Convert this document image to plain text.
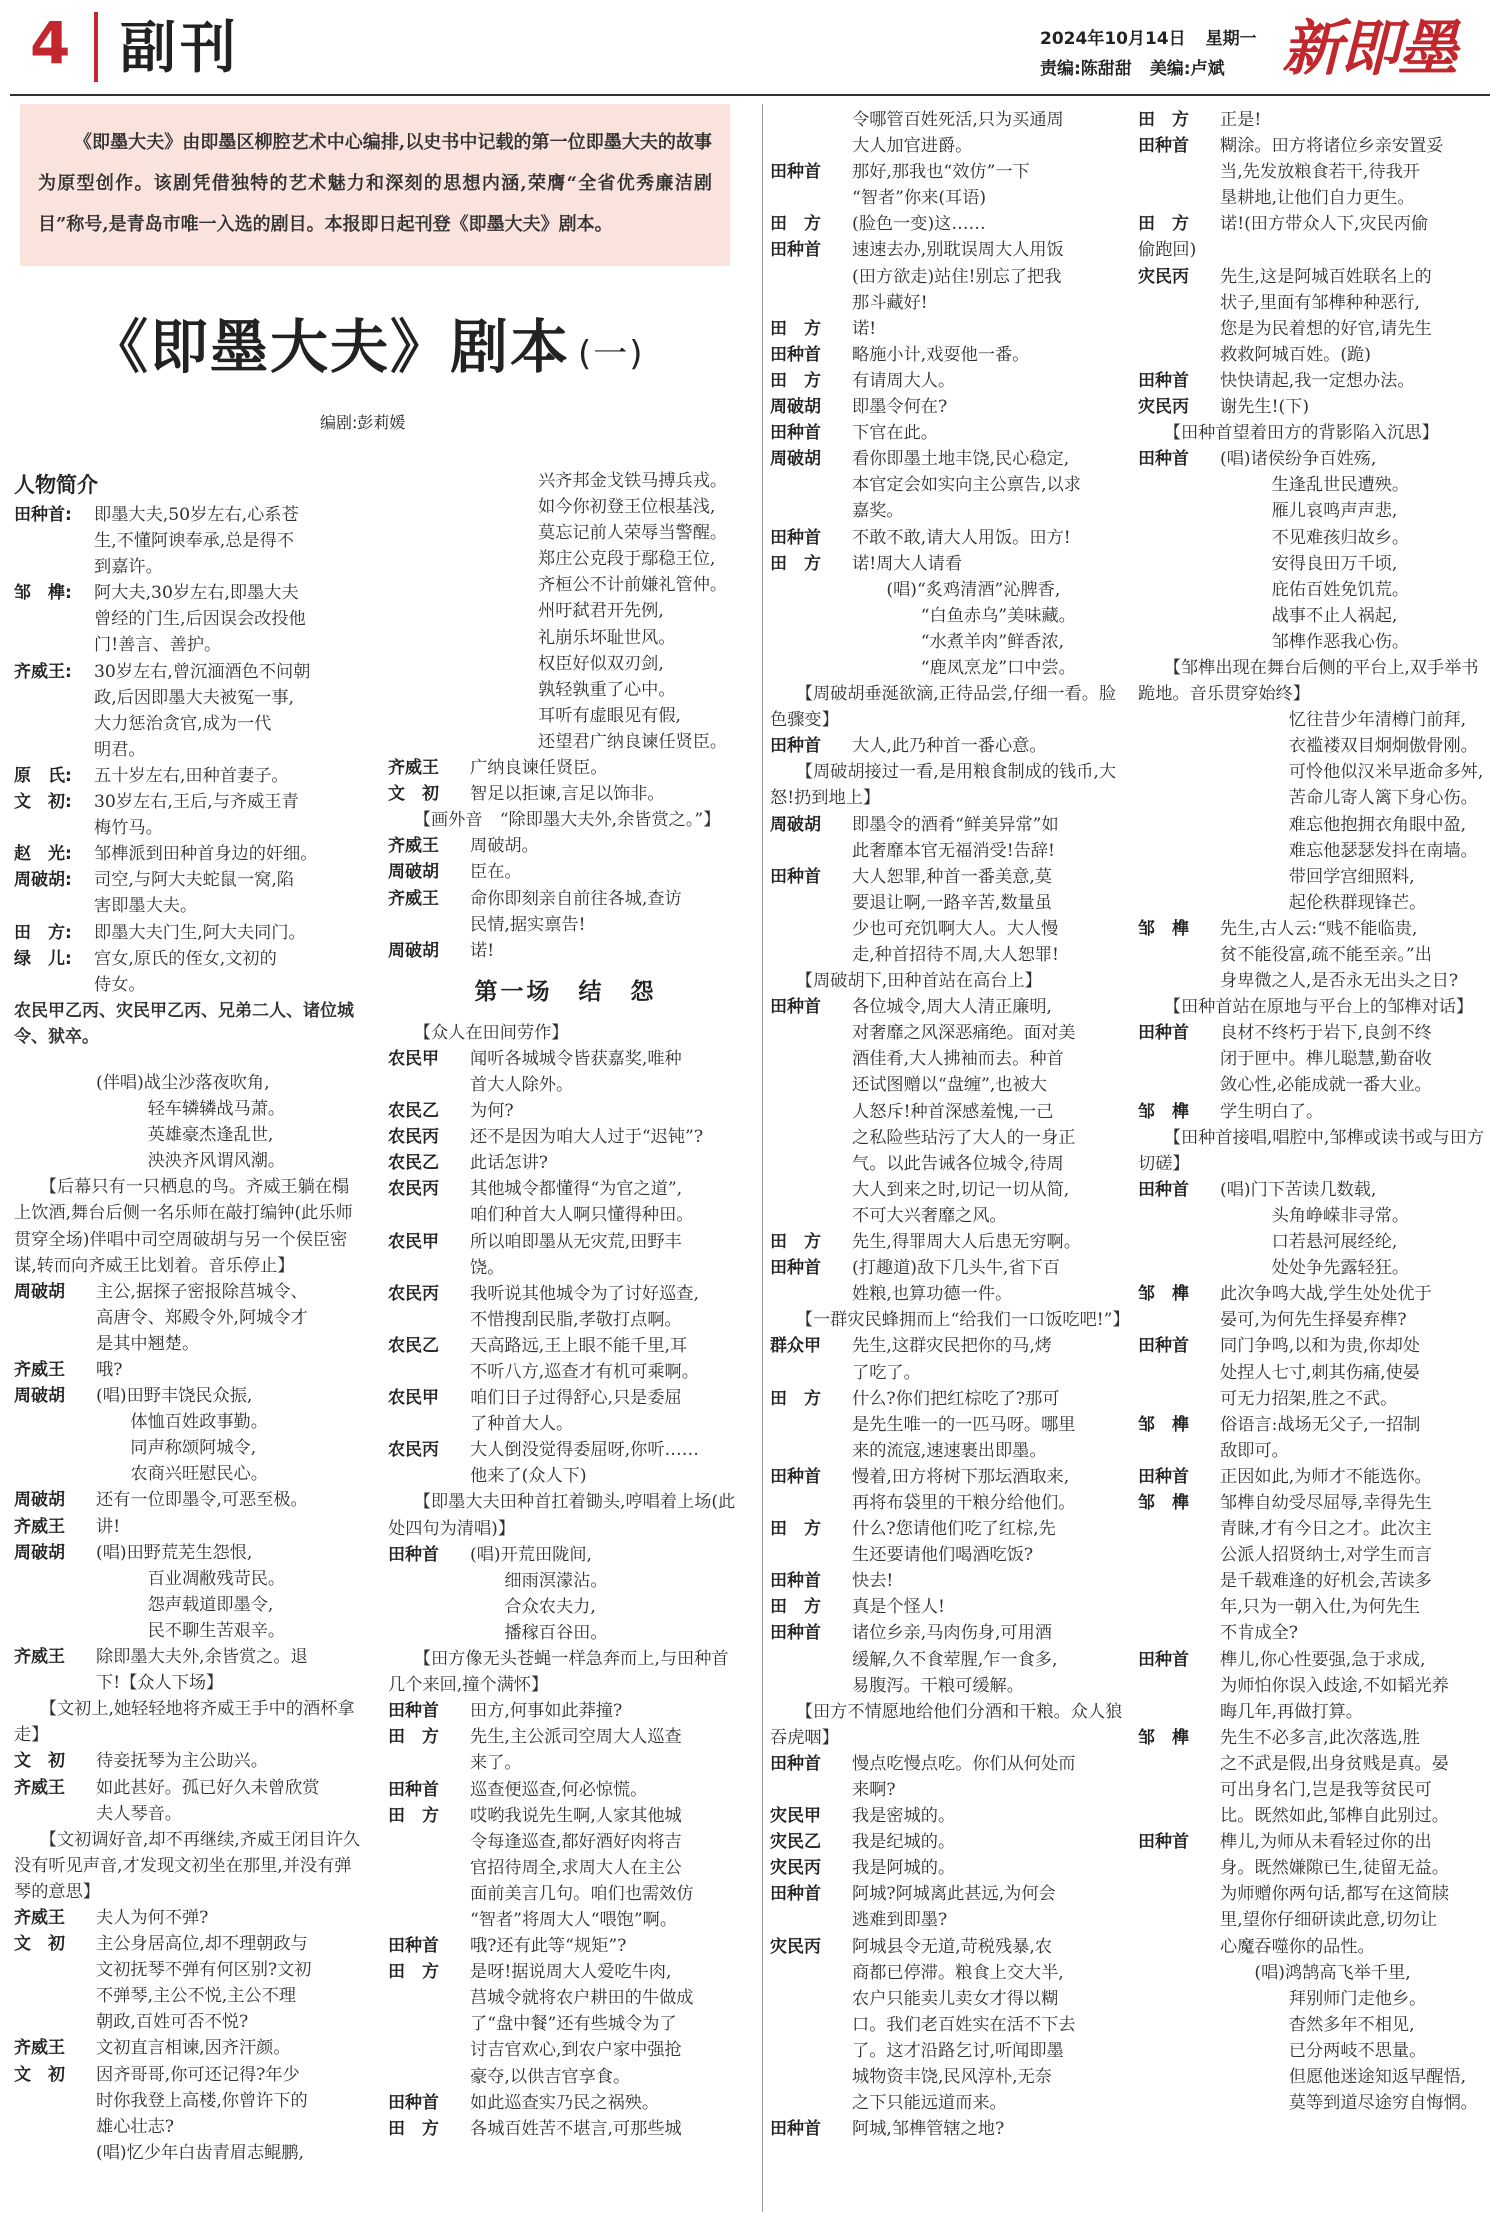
4 副刊	2024年10月14日 星期一
责编:陈甜甜 美编:卢斌 新即墨

《即墨大夫》由即墨区柳腔艺术中心编排,以史书中记载的第一位即墨大夫的故事为原型创作。该剧凭借独特的艺术魅力和深刻的思想内涵,荣膺“全省优秀廉洁剧目”称号,是青岛市唯一入选的剧目。本报即日起刊登《即墨大夫》剧本。

《即墨大夫》剧本 (一)
编剧:彭莉媛
人物简介
田种首:	即墨大夫,50岁左右,心系苍
生,不懂阿谀奉承,总是得不
到嘉许。
邹　榫:	阿大夫,30岁左右,即墨大夫
曾经的门生,后因误会改投他
门!善言、善护。
齐威王:	30岁左右,曾沉湎酒色不问朝
政,后因即墨大夫被冤一事,
大力惩治贪官,成为一代
明君。
原　氏:	五十岁左右,田种首妻子。
文　初:	30岁左右,王后,与齐威王青
梅竹马。
赵　光:	邹榫派到田种首身边的奸细。
周破胡:	司空,与阿大夫蛇鼠一窝,陷
害即墨大夫。
田　方:	即墨大夫门生,阿大夫同门。
绿　儿:	宫女,原氏的侄女,文初的
侍女。

农民甲乙丙、灾民甲乙丙、兄弟二人、诸位城令、狱卒。

(伴唱)战尘沙落夜吹角,
　　　轻车辚辚战马萧。
　　　英雄豪杰逢乱世,
　　　泱泱齐风谓风潮。

　　【后幕只有一只栖息的鸟。齐威王躺在榻上饮酒,舞台后侧一名乐师在敲打编钟(此乐师贯穿全场)伴唱中司空周破胡与另一个侯臣密谋,转而向齐威王比划着。音乐停止】

周破胡	主公,据探子密报除莒城令、
高唐令、郑殿令外,阿城令才
是其中翘楚。
齐威王	哦?
周破胡	(唱)田野丰饶民众振,
　　体恤百姓政事勤。
　　同声称颂阿城令,
　　农商兴旺慰民心。
周破胡	还有一位即墨令,可恶至极。
齐威王	讲!
周破胡	(唱)田野荒芜生怨恨,
　　　百业凋敝残苛民。
　　　怨声载道即墨令,
　　　民不聊生苦艰辛。
齐威王	除即墨大夫外,余皆赏之。退
下!【众人下场】

　　【文初上,她轻轻地将齐威王手中的酒杯拿走】

文　初	待妾抚琴为主公助兴。
齐威王	如此甚好。孤已好久未曾欣赏
夫人琴音。

　　【文初调好音,却不再继续,齐威王闭目许久没有听见声音,才发现文初坐在那里,并没有弹琴的意思】

齐威王	夫人为何不弹?
文　初	主公身居高位,却不理朝政与
文初抚琴不弹有何区别?文初
不弹琴,主公不悦,主公不理
朝政,百姓可否不悦?
齐威王	文初直言相谏,因齐汗颜。
文　初	因齐哥哥,你可还记得?年少
时你我登上高楼,你曾许下的
雄心壮志?
(唱)忆少年白齿青眉志鲲鹏,
兴齐邦金戈铁马搏兵戎。
如今你初登王位根基浅,
莫忘记前人荣辱当警醒。
郑庄公克段于鄢稳王位,
齐桓公不计前嫌礼管仲。
州吁弑君开先例,
礼崩乐坏耻世风。
权臣好似双刃剑,
孰轻孰重了心中。
耳听有虚眼见有假,
还望君广纳良谏任贤臣。
齐威王	广纳良谏任贤臣。
文　初	智足以拒谏,言足以饰非。

　　【画外音　“除即墨大夫外,余皆赏之。”】

齐威王	周破胡。
周破胡	臣在。
齐威王	命你即刻亲自前往各城,查访
民情,据实禀告!
周破胡	诺!
第一场　结　怨

　　【众人在田间劳作】

农民甲	闻听各城城令皆获嘉奖,唯种
首大人除外。
农民乙	为何?
农民丙	还不是因为咱大人过于“迟钝”?
农民乙	此话怎讲?
农民丙	其他城令都懂得“为官之道”,
咱们种首大人啊只懂得种田。
农民甲	所以咱即墨从无灾荒,田野丰
饶。
农民丙	我听说其他城令为了讨好巡查,
不惜搜刮民脂,孝敬打点啊。
农民乙	天高路远,王上眼不能千里,耳
不听八方,巡查才有机可乘啊。
农民甲	咱们日子过得舒心,只是委屈
了种首大人。
农民丙	大人倒没觉得委屈呀,你听……
他来了(众人下)

　　【即墨大夫田种首扛着锄头,哼唱着上场(此处四句为清唱)】

田种首	(唱)开荒田陇间,
　　细雨溟濛沾。
　　合众农夫力,
　　播稼百谷田。

　　【田方像无头苍蝇一样急奔而上,与田种首几个来回,撞个满怀】

田种首	田方,何事如此莽撞?
田　方	先生,主公派司空周大人巡查
来了。
田种首	巡查便巡查,何必惊慌。
田　方	哎哟我说先生啊,人家其他城
令每逢巡查,都好酒好肉将吉
官招待周全,求周大人在主公
面前美言几句。咱们也需效仿
“智者”将周大人“喂饱”啊。
田种首	哦?还有此等“规矩”?
田　方	是呀!据说周大人爱吃牛肉,
莒城令就将农户耕田的牛做成
了“盘中餐”还有些城令为了
讨吉官欢心,到农户家中强抢
豪夺,以供吉官享食。
田种首	如此巡查实乃民之祸殃。
田　方	各城百姓苦不堪言,可那些城
令哪管百姓死活,只为买通周
大人加官进爵。
田种首	那好,那我也“效仿”一下
“智者”你来(耳语)
田　方	(脸色一变)这……
田种首	速速去办,别耽误周大人用饭
(田方欲走)站住!别忘了把我
那斗藏好!
田　方	诺!
田种首	略施小计,戏耍他一番。
田　方	有请周大人。
周破胡	即墨令何在?
田种首	下官在此。
周破胡	看你即墨土地丰饶,民心稳定,
本官定会如实向主公禀告,以求
嘉奖。
田种首	不敢不敢,请大人用饭。田方!
田　方	诺!周大人请看
　　(唱)“炙鸡清酒”沁脾香,
　　　　“白鱼赤乌”美味藏。
　　　　“水煮羊肉”鲜香浓,
　　　　“鹿凤烹龙”口中尝。

　　【周破胡垂涎欲滴,正待品尝,仔细一看。脸色骤变】

田种首	大人,此乃种首一番心意。

　　【周破胡接过一看,是用粮食制成的钱币,大怒!扔到地上】

周破胡	即墨令的酒肴“鲜美异常”如
此奢靡本官无福消受!告辞!
田种首	大人恕罪,种首一番美意,莫
要退让啊,一路辛苦,数量虽
少也可充饥啊大人。大人慢
走,种首招待不周,大人恕罪!

　　【周破胡下,田种首站在高台上】

田种首	各位城令,周大人清正廉明,
对奢靡之风深恶痛绝。面对美
酒佳肴,大人拂袖而去。种首
还试图赠以“盘缠”,也被大
人怒斥!种首深感羞愧,一己
之私险些玷污了大人的一身正
气。以此告诫各位城令,待周
大人到来之时,切记一切从简,
不可大兴奢靡之风。
田　方	先生,得罪周大人后患无穷啊。
田种首	(打趣道)敌下几头牛,省下百
姓粮,也算功德一件。

　　【一群灾民蜂拥而上“给我们一口饭吃吧!”】

群众甲	先生,这群灾民把你的马,烤
了吃了。
田　方	什么?你们把红棕吃了?那可
是先生唯一的一匹马呀。哪里
来的流寇,速速裹出即墨。
田种首	慢着,田方将树下那坛酒取来,
再将布袋里的干粮分给他们。
田　方	什么?您请他们吃了红棕,先
生还要请他们喝酒吃饭?
田种首	快去!
田　方	真是个怪人!
田种首	诸位乡亲,马肉伤身,可用酒
缓解,久不食荤腥,乍一食多,
易腹泻。干粮可缓解。

　　【田方不情愿地给他们分酒和干粮。众人狼吞虎咽】

田种首	慢点吃慢点吃。你们从何处而
来啊?
灾民甲	我是密城的。
灾民乙	我是纪城的。
灾民丙	我是阿城的。
田种首	阿城?阿城离此甚远,为何会
逃难到即墨?
灾民丙	阿城县令无道,苛税残暴,农
商都已停滞。粮食上交大半,
农户只能卖儿卖女才得以糊
口。我们老百姓实在活不下去
了。这才沿路乞讨,听闻即墨
城物资丰饶,民风淳朴,无奈
之下只能远道而来。
田种首	阿城,邹榫管辖之地?
田　方	正是!
田种首	糊涂。田方将诸位乡亲安置妥
当,先发放粮食若干,待我开
垦耕地,让他们自力更生。
田　方	诺!(田方带众人下,灾民丙偷
偷跑回)
灾民丙	先生,这是阿城百姓联名上的
状子,里面有邹榫种种恶行,
您是为民着想的好官,请先生
救救阿城百姓。(跪)
田种首	快快请起,我一定想办法。
灾民丙	谢先生!(下)

　　【田种首望着田方的背影陷入沉思】

田种首	(唱)诸侯纷争百姓殇,
　　　生逢乱世民遭殃。
　　　雁儿哀鸣声声悲,
　　　不见难孩归故乡。
　　　安得良田万千顷,
　　　庇佑百姓免饥荒。
　　　战事不止人祸起,
　　　邹榫作恶我心伤。

　　【邹榫出现在舞台后侧的平台上,双手举书跪地。音乐贯穿始终】

　　　　忆往昔少年清樽门前拜,
　　　　衣褴褛双目炯炯傲骨刚。
　　　　可怜他似汉米早逝命多舛,
　　　　苦命儿寄人篱下身心伤。
　　　　难忘他抱拥衣角眼中盈,
　　　　难忘他瑟瑟发抖在南墙。
　　　　带回学宫细照料,
　　　　起伦秩群现锋芒。
邹　榫	先生,古人云:“贱不能临贵,
贫不能役富,疏不能至亲。”出
身卑微之人,是否永无出头之日?

　　【田种首站在原地与平台上的邹榫对话】

田种首	良材不终朽于岩下,良剑不终
闭于匣中。榫儿聪慧,勤奋收
敛心性,必能成就一番大业。
邹　榫	学生明白了。

　　【田种首接唱,唱腔中,邹榫或读书或与田方切磋】

田种首	(唱)门下苦读几数载,
　　　头角峥嵘非寻常。
　　　口若悬河展经纶,
　　　处处争先露轻狂。
邹　榫	此次争鸣大战,学生处处优于
晏可,为何先生择晏弃榫?
田种首	同门争鸣,以和为贵,你却处
处捏人七寸,刺其伤痛,使晏
可无力招架,胜之不武。
邹　榫	俗语言:战场无父子,一招制
敌即可。
田种首	正因如此,为师才不能选你。
邹　榫	邹榫自幼受尽屈辱,幸得先生
青睐,才有今日之才。此次主
公派人招贤纳士,对学生而言
是千载难逢的好机会,苦读多
年,只为一朝入仕,为何先生
不肯成全?
田种首	榫儿,你心性要强,急于求成,
为师怕你误入歧途,不如韬光养
晦几年,再做打算。
邹　榫	先生不必多言,此次落选,胜
之不武是假,出身贫贱是真。晏
可出身名门,岂是我等贫民可
比。既然如此,邹榫自此别过。
田种首	榫儿,为师从未看轻过你的出
身。既然嫌隙已生,徒留无益。
为师赠你两句话,都写在这简牍
里,望你仔细研读此意,切勿让
心魔吞噬你的品性。
　　(唱)鸿鹄高飞举千里,
　　　　拜别师门走他乡。
　　　　杳然多年不相见,
　　　　已分两岐不思量。
　　　　但愿他迷途知返早醒悟,
　　　　莫等到道尽途穷自悔惘。
